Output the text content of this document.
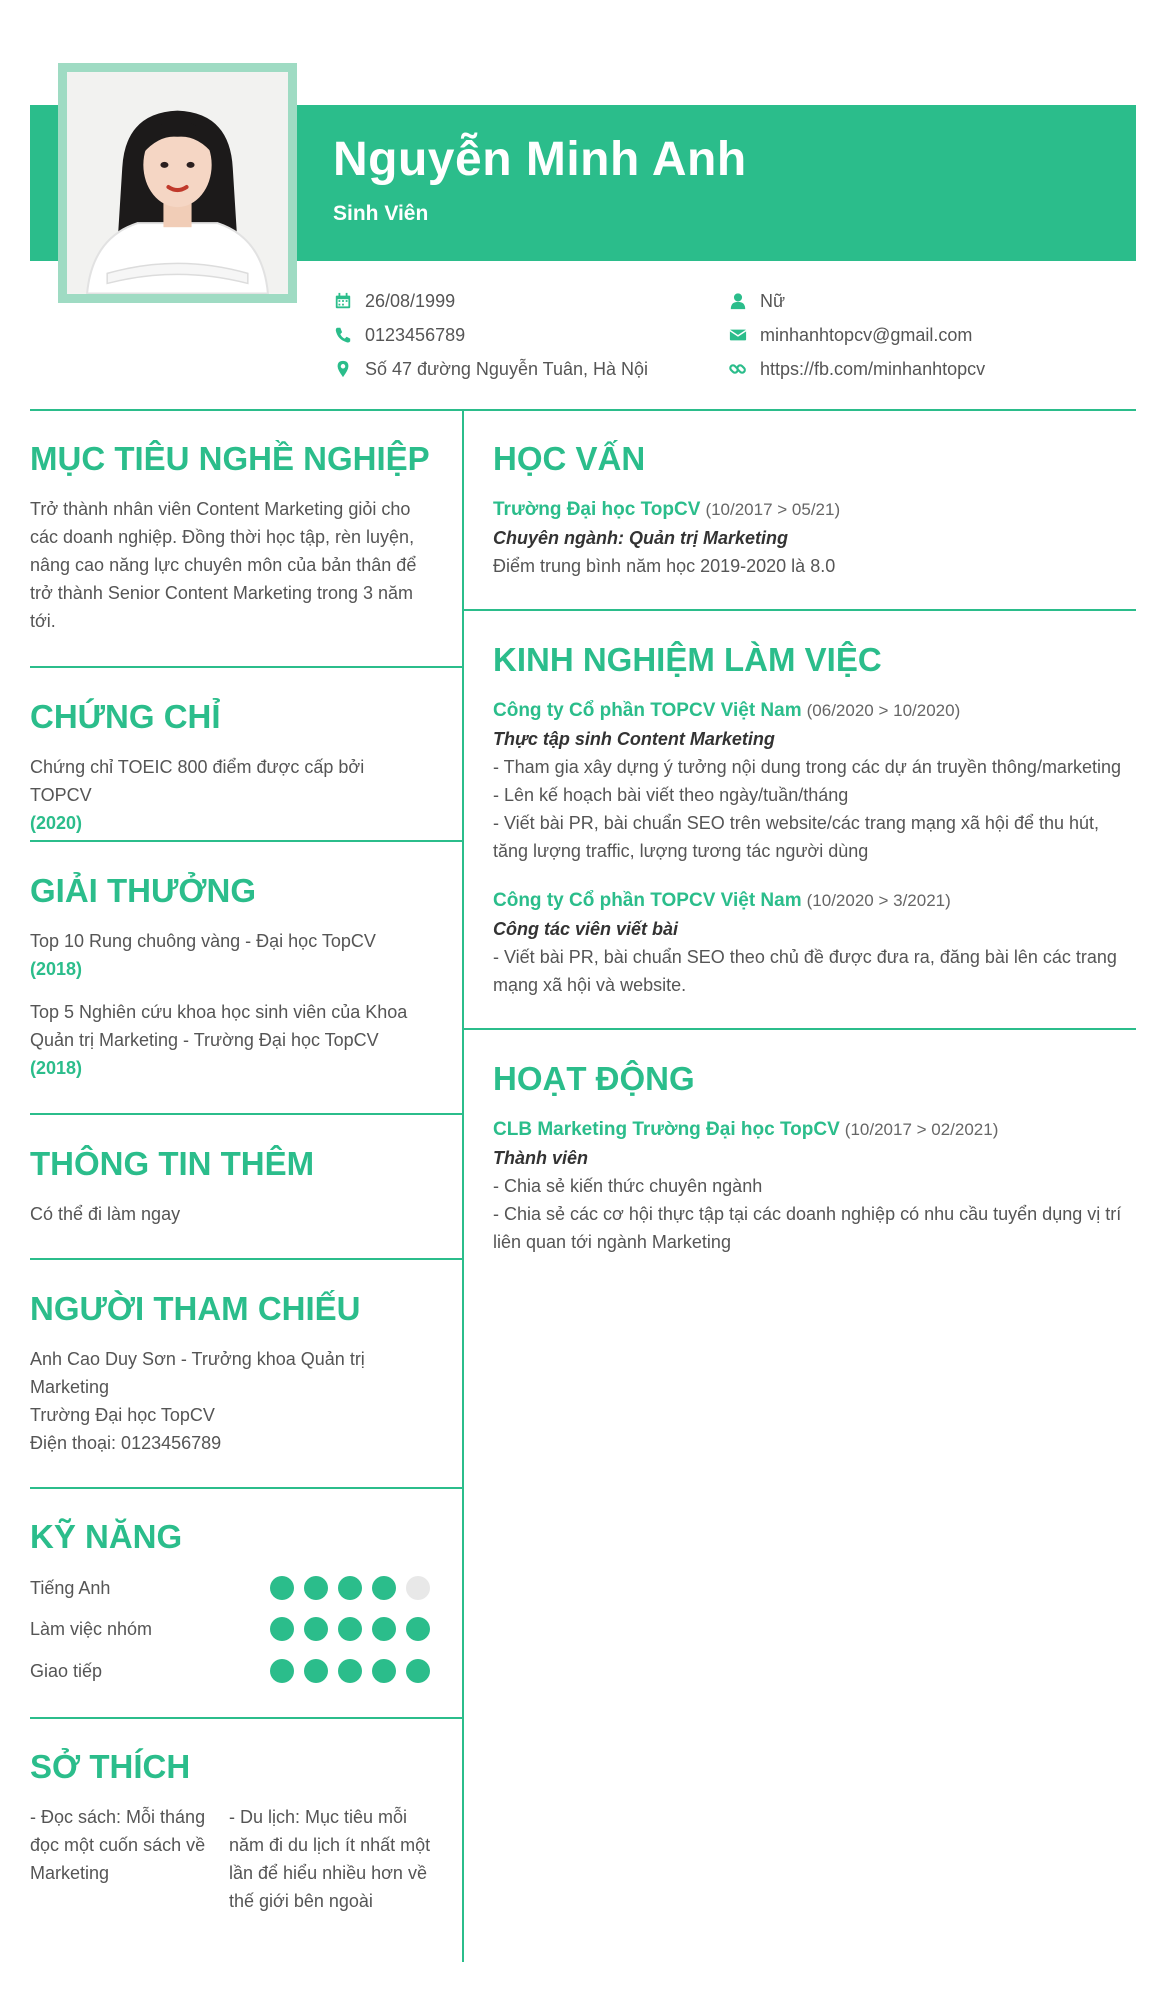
Nguyễn Minh Anh
Sinh Viên
26/08/1999
0123456789
Số 47 đường Nguyễn Tuân, Hà Nội
Nữ
minhanhtopcv@gmail.com
https://fb.com/minhanhtopcv
MỤC TIÊU NGHỀ NGHIỆP
Trở thành nhân viên Content Marketing giỏi cho các doanh nghiệp. Đồng thời học tập, rèn luyện, nâng cao năng lực chuyên môn của bản thân để trở thành Senior Content Marketing trong 3 năm tới.
CHỨNG CHỈ
Chứng chỉ TOEIC 800 điểm được cấp bởi TOPCV
(2020)
GIẢI THƯỞNG
Top 10 Rung chuông vàng - Đại học TopCV
(2018)
Top 5 Nghiên cứu khoa học sinh viên của Khoa Quản trị Marketing - Trường Đại học TopCV
(2018)
THÔNG TIN THÊM
Có thể đi làm ngay
NGƯỜI THAM CHIẾU
Anh Cao Duy Sơn - Trưởng khoa Quản trị Marketing
Trường Đại học TopCV
Điện thoại: 0123456789
KỸ NĂNG
Tiếng Anh
Làm việc nhóm
Giao tiếp
SỞ THÍCH
- Đọc sách: Mỗi tháng đọc một cuốn sách về Marketing
- Du lịch: Mục tiêu mỗi năm đi du lịch ít nhất một lần để hiểu nhiều hơn về thế giới bên ngoài
HỌC VẤN
Trường Đại học TopCV (10/2017 > 05/21)
Chuyên ngành: Quản trị Marketing
Điểm trung bình năm học 2019-2020 là 8.0
KINH NGHIỆM LÀM VIỆC
Công ty Cổ phần TOPCV Việt Nam (06/2020 > 10/2020)
Thực tập sinh Content Marketing
- Tham gia xây dựng ý tưởng nội dung trong các dự án truyền thông/marketing
- Lên kế hoạch bài viết theo ngày/tuần/tháng
- Viết bài PR, bài chuẩn SEO trên website/các trang mạng xã hội để thu hút, tăng lượng traffic, lượng tương tác người dùng
Công ty Cổ phần TOPCV Việt Nam (10/2020 > 3/2021)
Công tác viên viết bài
- Viết bài PR, bài chuẩn SEO theo chủ đề được đưa ra, đăng bài lên các trang mạng xã hội và website.
HOẠT ĐỘNG
CLB Marketing Trường Đại học TopCV (10/2017 > 02/2021)
Thành viên
- Chia sẻ kiến thức chuyên ngành
- Chia sẻ các cơ hội thực tập tại các doanh nghiệp có nhu cầu tuyển dụng vị trí liên quan tới ngành Marketing
